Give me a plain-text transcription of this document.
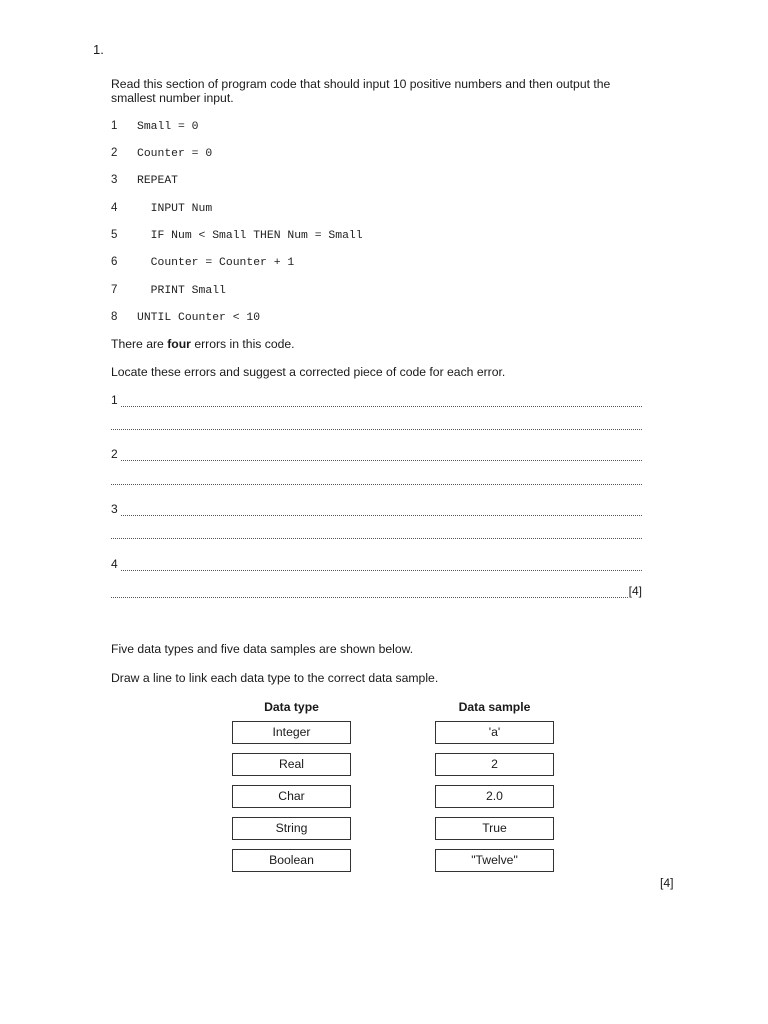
1.
Read this section of program code that should input 10 positive numbers and then output the smallest number input.
1 Small = 0
2 Counter = 0
3 REPEAT
4  INPUT Num
5  IF Num < Small THEN Num = Small
6  Counter = Counter + 1
7  PRINT Small
8 UNTIL Counter < 10
There are four errors in this code.
Locate these errors and suggest a corrected piece of code for each error.
1
2
3
4
[4]
Five data types and five data samples are shown below.
Draw a line to link each data type to the correct data sample.
Data type	Data sample
Integer
Real
Char
String
Boolean
'a'
2
2.0
True
"Twelve"
[4]
